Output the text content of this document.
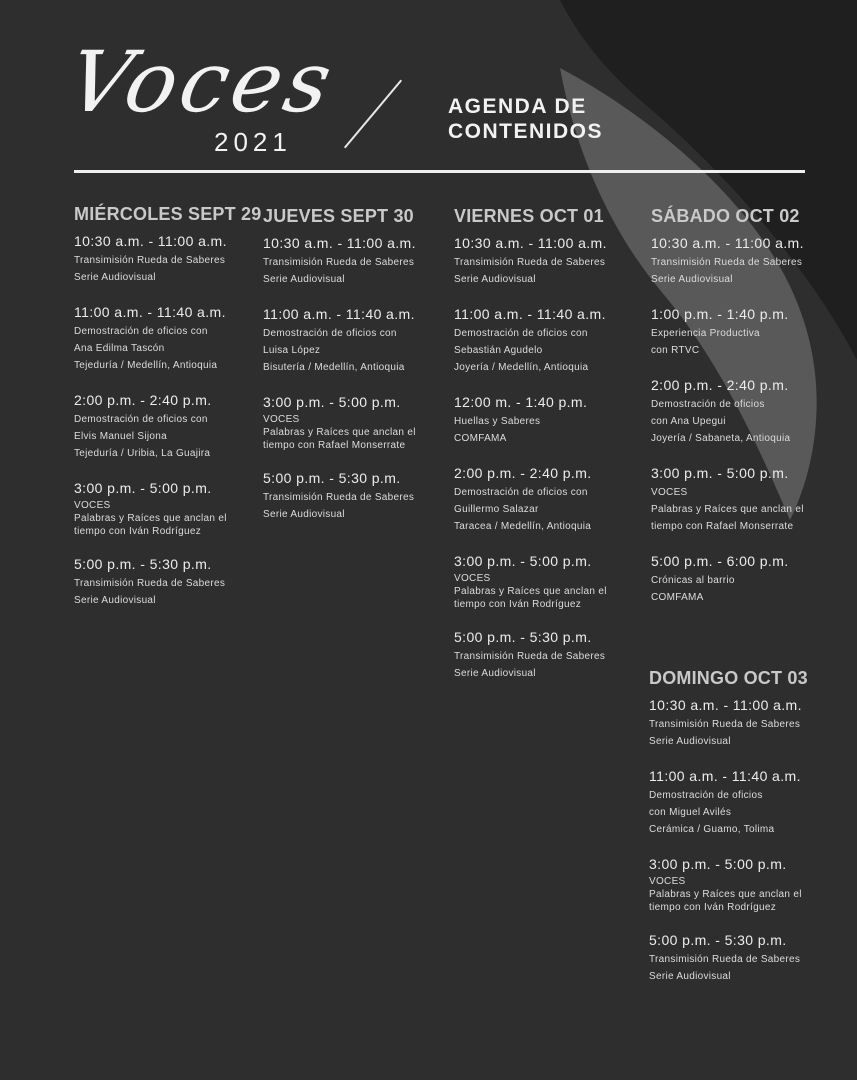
Voces
2021
AGENDA DE
CONTENIDOS
MIÉRCOLES SEPT 29
10:30 a.m. - 11:00 a.m.
Transimisión Rueda de Saberes
Serie Audiovisual
11:00 a.m. - 11:40 a.m.
Demostración de oficios con
Ana Edilma Tascón
Tejeduría / Medellín, Antioquia
2:00 p.m. - 2:40 p.m.
Demostración de oficios con
Elvis Manuel Sijona
Tejeduría / Uribia, La Guajira
3:00 p.m. - 5:00 p.m.
VOCES
Palabras y Raíces que anclan el
tiempo con Iván Rodríguez
5:00 p.m. - 5:30 p.m.
Transimisión Rueda de Saberes
Serie Audiovisual
JUEVES SEPT 30
10:30 a.m. - 11:00 a.m.
Transimisión Rueda de Saberes
Serie Audiovisual
11:00 a.m. - 11:40 a.m.
Demostración de oficios con
Luisa López
Bisutería / Medellín, Antioquia
3:00 p.m. - 5:00 p.m.
VOCES
Palabras y Raíces que anclan el
tiempo con Rafael Monserrate
5:00 p.m. - 5:30 p.m.
Transimisión Rueda de Saberes
Serie Audiovisual
VIERNES OCT 01
10:30 a.m. - 11:00 a.m.
Transimisión Rueda de Saberes
Serie Audiovisual
11:00 a.m. - 11:40 a.m.
Demostración de oficios con
Sebastián Agudelo
Joyería / Medellín, Antioquia
12:00 m. - 1:40 p.m.
Huellas y Saberes
COMFAMA
2:00 p.m. - 2:40 p.m.
Demostración de oficios con
Guillermo Salazar
Taracea / Medellín, Antioquia
3:00 p.m. - 5:00 p.m.
VOCES
Palabras y Raíces que anclan el
tiempo con Iván Rodríguez
5:00 p.m. - 5:30 p.m.
Transimisión Rueda de Saberes
Serie Audiovisual
SÁBADO OCT 02
10:30 a.m. - 11:00 a.m.
Transimisión Rueda de Saberes
Serie Audiovisual
1:00 p.m. - 1:40 p.m.
Experiencia Productiva
con RTVC
2:00 p.m. - 2:40 p.m.
Demostración de oficios
con Ana Upegui
Joyería / Sabaneta, Antioquia
3:00 p.m. - 5:00 p.m.
VOCES
Palabras y Raíces que anclan el
tiempo con Rafael Monserrate
5:00 p.m. - 6:00 p.m.
Crónicas al barrio
COMFAMA
DOMINGO OCT 03
10:30 a.m. - 11:00 a.m.
Transimisión Rueda de Saberes
Serie Audiovisual
11:00 a.m. - 11:40 a.m.
Demostración de oficios
con Miguel Avilés
Cerámica / Guamo, Tolima
3:00 p.m. - 5:00 p.m.
VOCES
Palabras y Raíces que anclan el
tiempo con Iván Rodríguez
5:00 p.m. - 5:30 p.m.
Transimisión Rueda de Saberes
Serie Audiovisual
